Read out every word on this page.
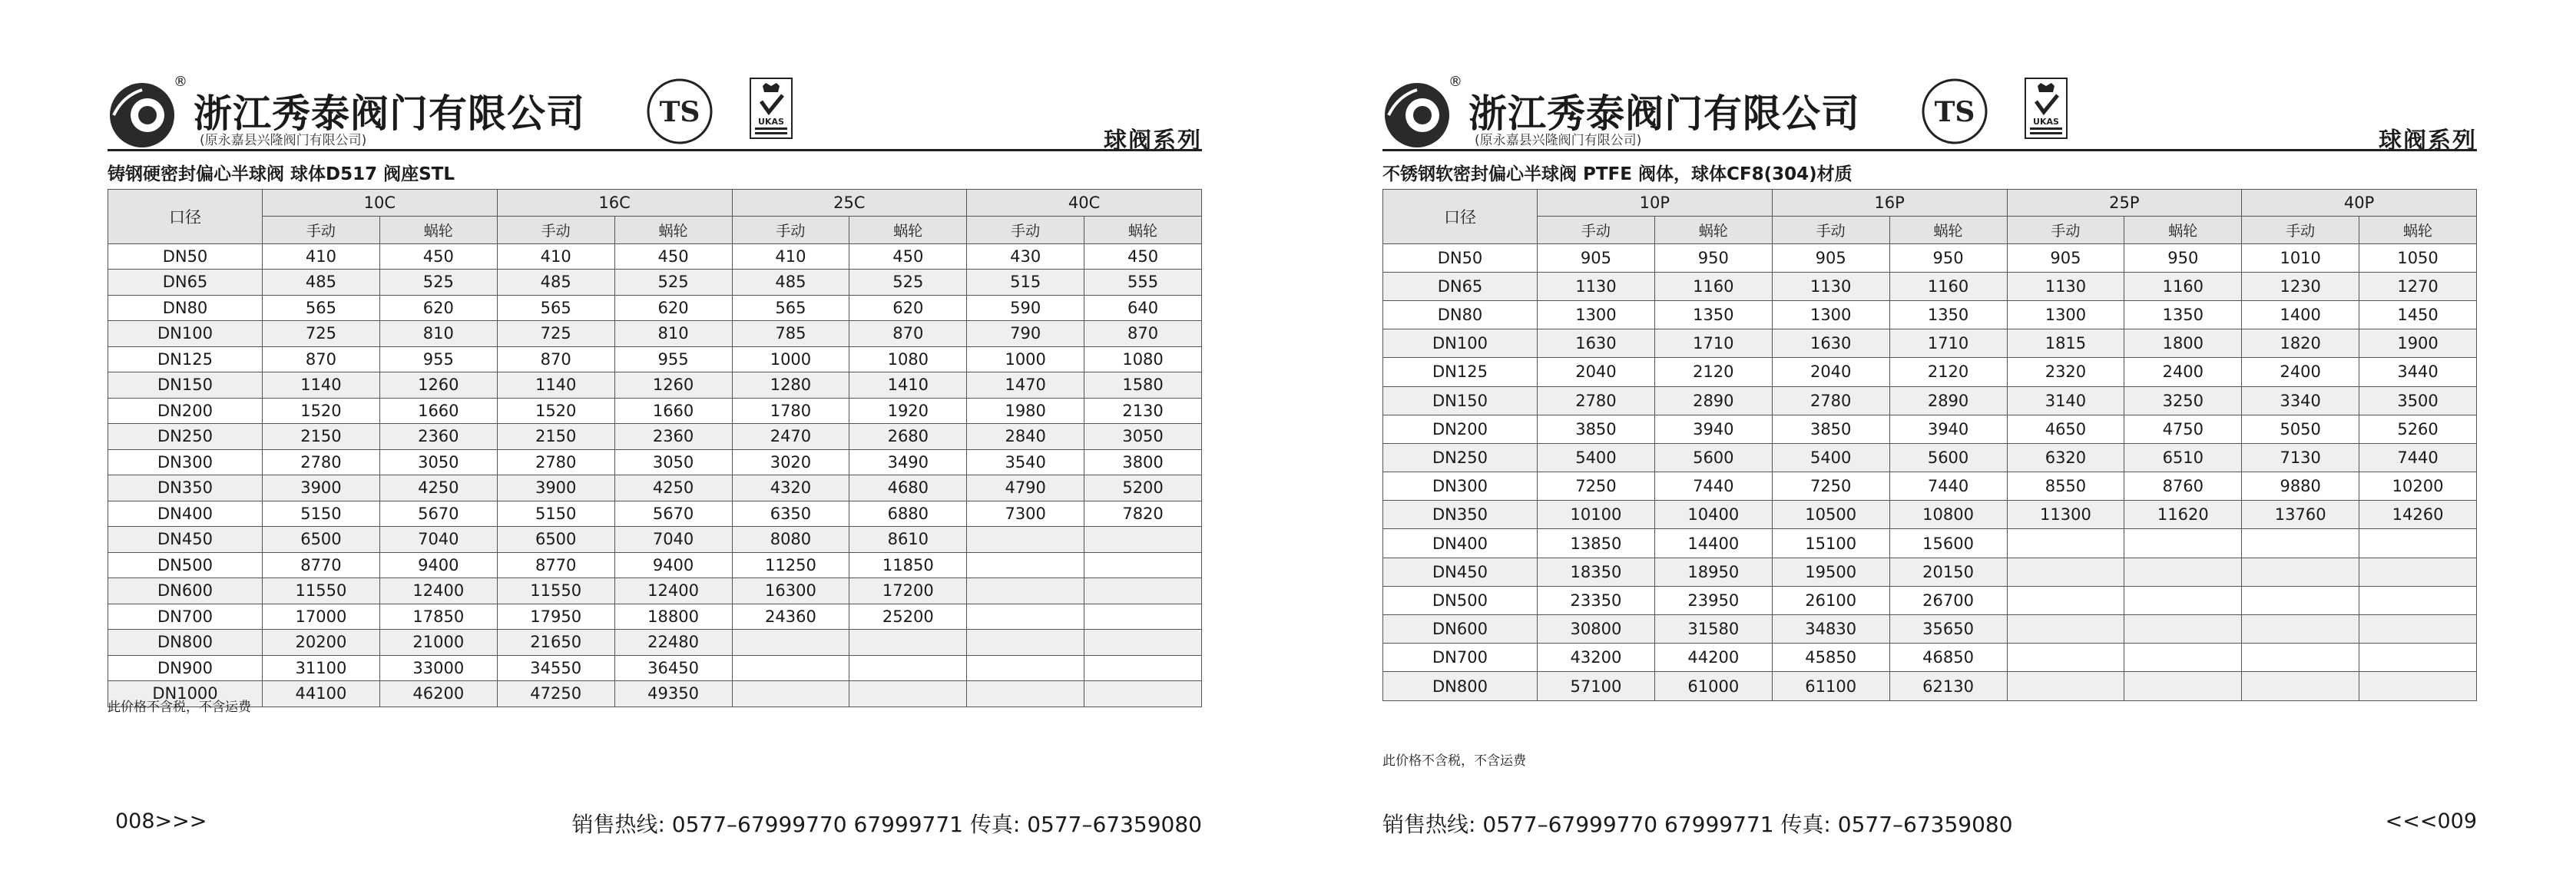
®
浙江秀泰阀门有限公司
(原永嘉县兴隆阀门有限公司)
TS	UKAS
球阀系列
铸钢硬密封偏心半球阀 球体D517 阀座STL
口径	10C		16C		25C		40C	
	手动	蜗轮	手动	蜗轮	手动	蜗轮	手动	蜗轮
DN50	410	450	410	450	410	450	430	450
DN65	485	525	485	525	485	525	515	555
DN80	565	620	565	620	565	620	590	640
DN100	725	810	725	810	785	870	790	870
DN125	870	955	870	955	1000	1080	1000	1080
DN150	1140	1260	1140	1260	1280	1410	1470	1580
DN200	1520	1660	1520	1660	1780	1920	1980	2130
DN250	2150	2360	2150	2360	2470	2680	2840	3050
DN300	2780	3050	2780	3050	3020	3490	3540	3800
DN350	3900	4250	3900	4250	4320	4680	4790	5200
DN400	5150	5670	5150	5670	6350	6880	7300	7820
DN450	6500	7040	6500	7040	8080	8610		
DN500	8770	9400	8770	9400	11250	11850		
DN600	11550	12400	11550	12400	16300	17200		
DN700	17000	17850	17950	18800	24360	25200		
DN800	20200	21000	21650	22480				
DN900	31100	33000	34550	36450				
DN1000	44100	46200	47250	49350				
此价格不含税，不含运费
008>>>	销售热线: 0577–67999770 67999771 传真: 0577–67359080
®
浙江秀泰阀门有限公司
(原永嘉县兴隆阀门有限公司)
TS	UKAS
球阀系列
不锈钢软密封偏心半球阀 PTFE 阀体，球体CF8(304)材质
口径	10P		16P		25P		40P	
	手动	蜗轮	手动	蜗轮	手动	蜗轮	手动	蜗轮
DN50	905	950	905	950	905	950	1010	1050
DN65	1130	1160	1130	1160	1130	1160	1230	1270
DN80	1300	1350	1300	1350	1300	1350	1400	1450
DN100	1630	1710	1630	1710	1815	1800	1820	1900
DN125	2040	2120	2040	2120	2320	2400	2400	3440
DN150	2780	2890	2780	2890	3140	3250	3340	3500
DN200	3850	3940	3850	3940	4650	4750	5050	5260
DN250	5400	5600	5400	5600	6320	6510	7130	7440
DN300	7250	7440	7250	7440	8550	8760	9880	10200
DN350	10100	10400	10500	10800	11300	11620	13760	14260
DN400	13850	14400	15100	15600				
DN450	18350	18950	19500	20150				
DN500	23350	23950	26100	26700				
DN600	30800	31580	34830	35650				
DN700	43200	44200	45850	46850				
DN800	57100	61000	61100	62130				
此价格不含税，不含运费
<<<009
销售热线: 0577–67999770 67999771 传真: 0577–67359080
